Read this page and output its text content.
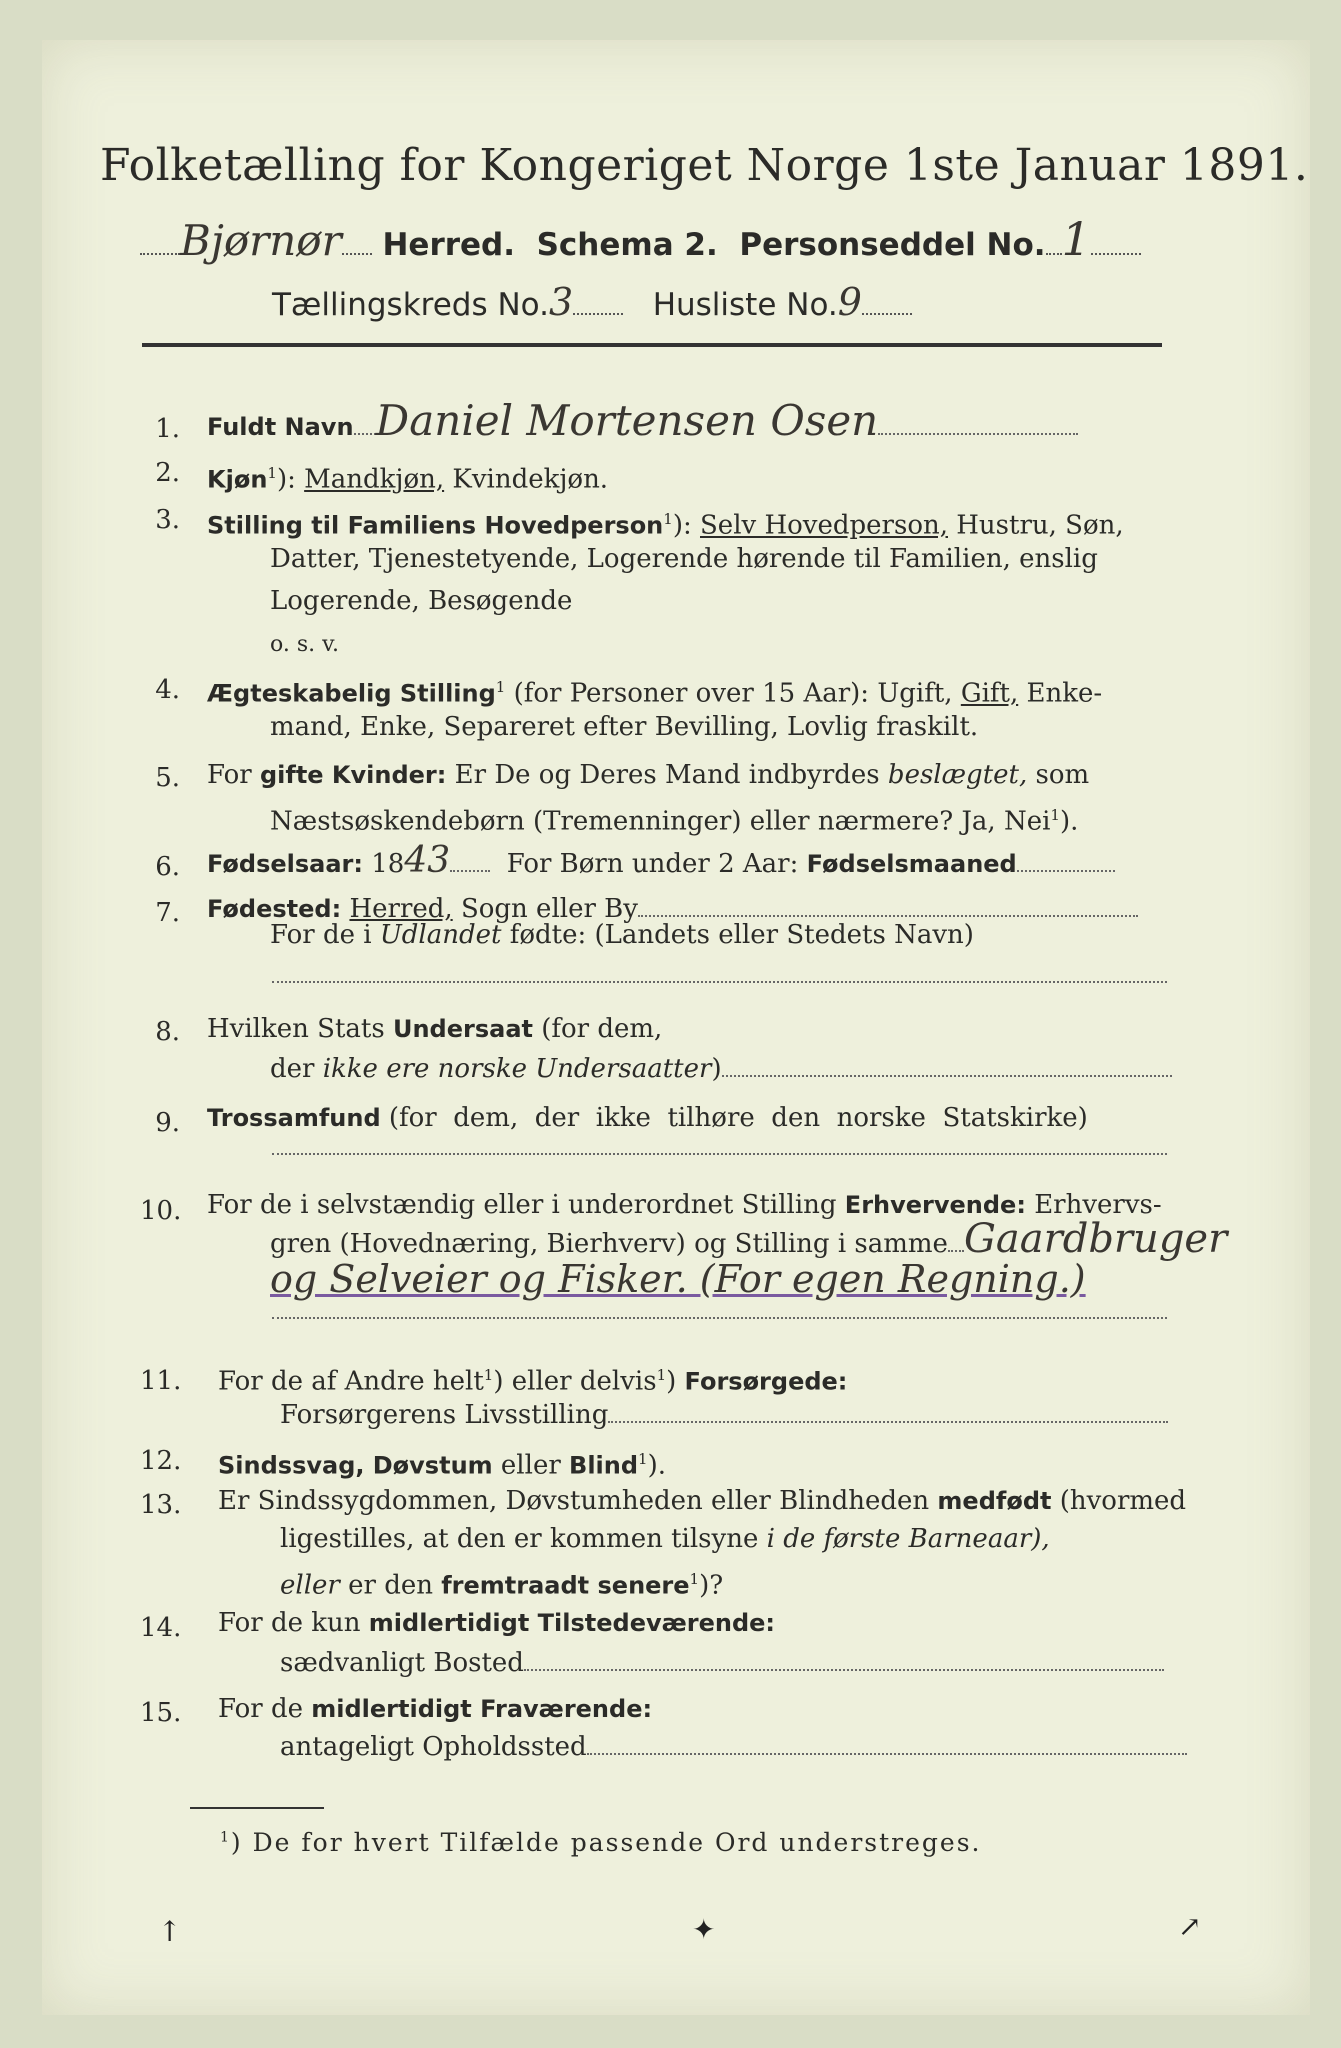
Folketælling for Kongeriget Norge 1ste Januar 1891.
Bjørnør Herred. Schema 2. Personseddel No. 1
Tællingskreds No.3	Husliste No.9
1. Fuldt Navn Daniel Mortensen Osen
2. Kjøn$^1$): Mandkjøn, Kvindekjøn.
3. Stilling til Familiens Hovedperson$^1$): Selv Hovedperson, Hustru, Søn,
Datter, Tjenestetyende, Logerende hørende til Familien, enslig
Logerende, Besøgende
o. s. v.
4. Ægteskabelig Stilling$^1$ (for Personer over 15 Aar): Ugift, Gift, Enke-
mand, Enke, Separeret efter Bevilling, Lovlig fraskilt.
5. For gifte Kvinder: Er De og Deres Mand indbyrdes beslægtet, som
Næstsøskendebørn (Tremenninger) eller nærmere? Ja, Nei$^1$).
6. Fødselsaar: 1843 For Børn under 2 Aar: Fødselsmaaned
7. Fødested: Herred, Sogn eller By
For de i Udlandet fødte: (Landets eller Stedets Navn)
8. Hvilken Stats Undersaat (for dem,
der ikke ere norske Undersaatter)
9. Trossamfund (for  dem,  der  ikke  tilhøre  den  norske  Statskirke)
10. For de i selvstændig eller i underordnet Stilling Erhvervende: Erhvervs-
gren (Hovednæring, Bierhverv) og Stilling i samme Gaardbruger
og Selveier og Fisker. (For egen Regning.)
11. For de af Andre helt$^1$) eller delvis$^1$) Forsørgede:
Forsørgerens Livsstilling
12. Sindssvag, Døvstum eller Blind$^1$).
13. Er Sindssygdommen, Døvstumheden eller Blindheden medfødt (hvormed
ligestilles, at den er kommen tilsyne i de første Barneaar),
eller er den fremtraadt senere$^1$)?
14. For de kun midlertidigt Tilstedeværende:
sædvanligt Bosted
15. For de midlertidigt Fraværende:
antageligt Opholdssted
$^1$) De for hvert Tilfælde passende Ord understreges.
↑	✦	↗
